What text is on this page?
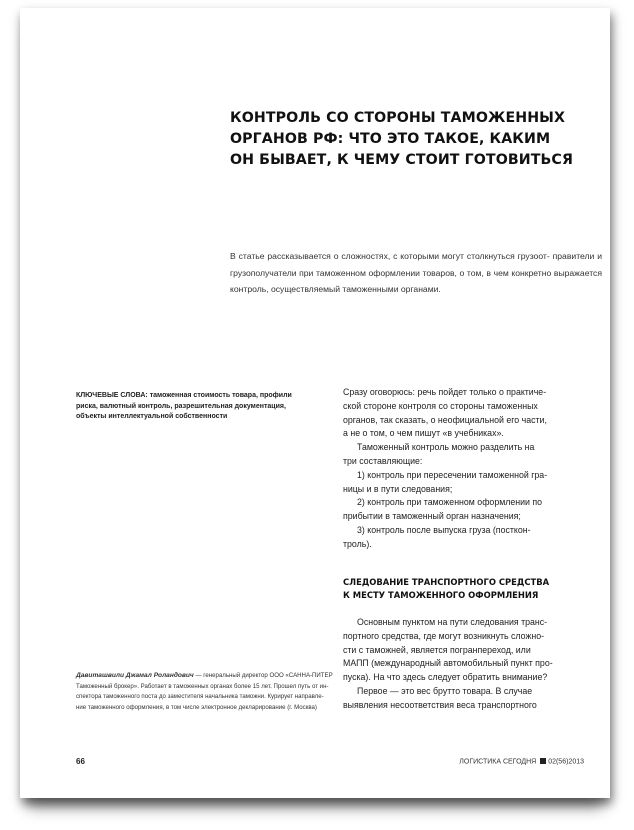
КОНТРОЛЬ СО СТОРОНЫ ТАМОЖЕННЫХ
ОРГАНОВ РФ: ЧТО ЭТО ТАКОЕ, КАКИМ
ОН БЫВАЕТ, К ЧЕМУ СТОИТ ГОТОВИТЬСЯ

В статье рассказывается о сложностях, с которыми могут столкнуться грузоот- правители и грузополучатели при таможенном оформлении товаров, о том, в чем конкретно выражается контроль, осуществляемый таможенными органами.

КЛЮЧЕВЫЕ СЛОВА: таможенная стоимость товара, профили
риска, валютный контроль, разрешительная документация,
объекты интеллектуальной собственности
Давиташвили Джамал Роландович — генеральный директор ООО «САННА-ПИТЕР
Таможенный брокер». Работает в таможенных органах более 15 лет. Прошел путь от ин-
спектора таможенного поста до заместителя начальника таможни. Курирует направле-
ние таможенного оформления, в том числе электронное декларирование (г. Москва)

Сразу оговорюсь: речь пойдет только о практиче-
ской стороне контроля со стороны таможенных
органов, так сказать, о неофициальной его части,
а не о том, о чем пишут «в учебниках».

Таможенный контроль можно разделить на
три составляющие:

1) контроль при пересечении таможенной гра-
ницы и в пути следования;

2) контроль при таможенном оформлении по
прибытии в таможенный орган назначения;

3) контроль после выпуска груза (посткон-
троль).

СЛЕДОВАНИЕ ТРАНСПОРТНОГО СРЕДСТВА
К МЕСТУ ТАМОЖЕННОГО ОФОРМЛЕНИЯ

Основным пунктом на пути следования транс-
портного средства, где могут возникнуть сложно-
сти с таможней, является погранпереход, или
МАПП (международный автомобильный пункт про-
пуска). На что здесь следует обратить внимание?

Первое — это вес брутто товара. В случае
выявления несоответствия веса транспортного

66	ЛОГИСТИКА СЕГОДНЯ 02(56)2013
